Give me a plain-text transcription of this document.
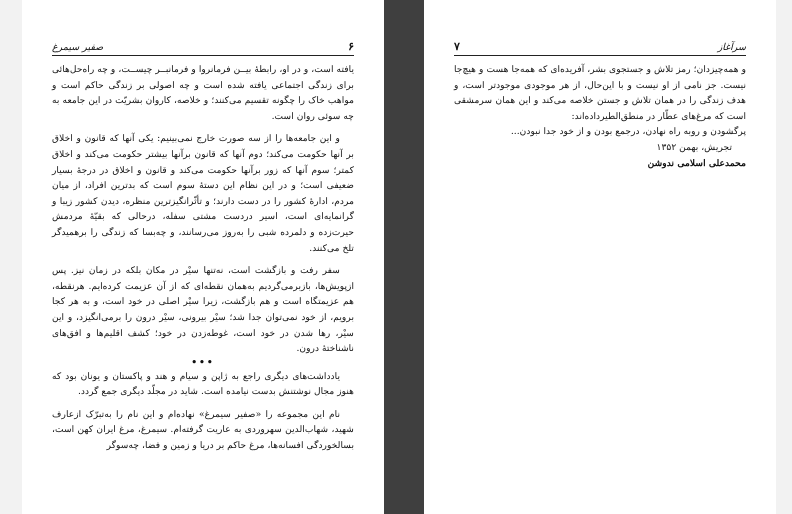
۶
صفیر سیمرغ

یافته است، و در او، رابطهٔ بیــن فرمانروا و فرمانبــر چیســت، و چه راه‌حل‌هائی برای زندگی اجتماعی یافته شده است و چه اصولی بر زندگی حاکم است و مواهب خاک را چگونه تقسیم می‌کنند؛ و خلاصه، کاروان بشریّت در این جامعه به چه سوئی روان است.

و این جامعه‌ها را از سه صورت خارج نمی‌بینیم: یکی آنها که قانون و اخلاق بر آنها حکومت می‌کند؛ دوم آنها که قانون برآنها بیشتر حکومت می‌کند و اخلاق کمتر؛ سوم آنها که زور برآنها حکومت می‌کند و قانون و اخلاق در درجهٔ بسیار ضعیفی است؛ و در این نظام این دستهٔ سوم است که بدترین افراد، از میان مردم، ادارهٔ کشور را در دست دارند؛ و تأثّرانگیزترین منظره، دیدن کشور زیبا و گرانمایه‌ای است، اسیر دردست مشتی سفله، درحالی که بقیّهٔ مردمش حیرت‌زده و دلمرده شبی را به‌روز می‌رسانند، و چه‌بسا که زندگی را برهمیدگر تلخ می‌کنند.

سفر رفت و بازگشت است، نه‌تنها سیْر در مکان بلکه در زمان نیز. پس ازپویش‌ها، بازبرمی‌گردیم به‌همان نقطه‌ای که از آن عزیمت کرده‌ایم. هرنقطه، هم عزیمتگاه است و هم بازگشت، زیرا سیْر اصلی در خود است، و به هر کجا برویم، از خود نمی‌توان جدا شد؛ سیْر بیرونی، سیْر درون را برمی‌انگیزد، و این سیْر، رها شدن در خود است، غوطه‌زدن در خود؛ کشف اقلیم‌ها و افق‌های ناشناختهٔ درون.

•••

یادداشت‌های دیگری راجع به ژاپن و سیام و هند و پاکستان و یونان بود که هنوز مجال نوشتنش بدست نیامده است. شاید در مجلّد دیگری جمع گردد.

نام این مجموعه را «صفیر سیمرغ» نهاده‌ام و این نام را به‌تبرّک ازعارف شهید، شهاب‌الدین سهروردی به عاریت گرفته‌ام. سیمرغ، مرغ ایران کهن است، بسالخوردگی افسانه‌ها، مرغ حاکم بر دریا و زمین و فضا، چه‌سوگر

سرآغاز
۷

و همه‌چیزدان؛ رمز تلاش و جستجوی بشر، آفریده‌ای که همه‌جا هست و هیچ‌جا نیست. جز نامی از او نیست و با این‌حال، از هر موجودی موجودتر است، و هدف زندگی را در همان تلاش و جستن خلاصه می‌کند و این همان سرمشقی است که مرغ‌های عطّار در منطق‌الطیرداده‌اند:

پرگشودن و روبه راه نهادن، درجمع بودن و از خود جدا نبودن...

تجریش، بهمن ۱۳۵۲

محمدعلی اسلامی ندوشن
